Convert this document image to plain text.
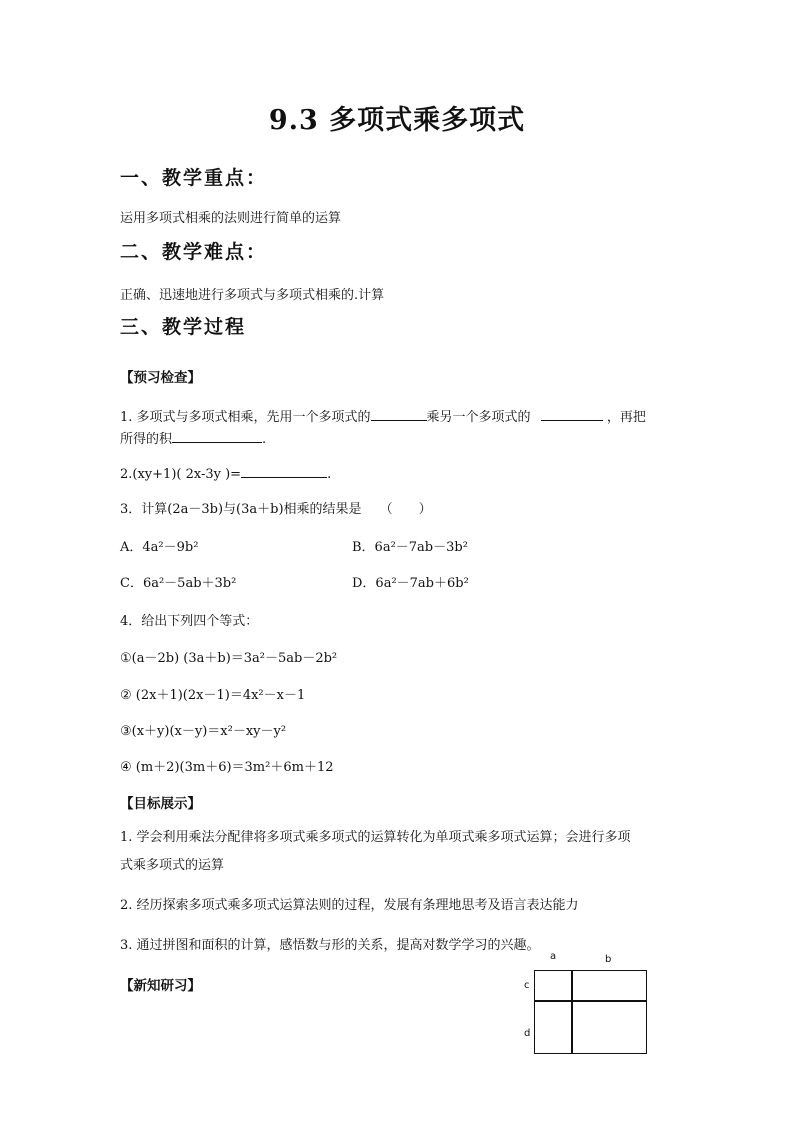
9.3 多项式乘多项式
一、教学重点：
运用多项式相乘的法则进行简单的运算
二、教学难点：
正确、迅速地进行多项式与多项式相乘的.计算
三、教学过程
【预习检查】
1. 多项式与多项式相乘，先用一个多项式的	乘另一个多项式的	，再把
所得的积	.
2.(xy+1)( 2x-3y )=	.
3．计算(2a－3b)与(3a＋b)相乘的结果是 （　　）
A．4a²－9b²	B．6a²－7ab－3b²
C．6a²－5ab＋3b²	D．6a²－7ab＋6b²
4．给出下列四个等式：
①(a－2b) (3a＋b)＝3a²－5ab－2b²
② (2x＋1)(2x－1)＝4x²－x－1
③(x＋y)(x－y)＝x²－xy－y²
④ (m＋2)(3m＋6)＝3m²＋6m＋12
【目标展示】
1. 学会利用乘法分配律将多项式乘多项式的运算转化为单项式乘多项式运算；会进行多项
式乘多项式的运算
2. 经历探索多项式乘多项式运算法则的过程，发展有条理地思考及语言表达能力
3. 通过拼图和面积的计算，感悟数与形的关系，提高对数学学习的兴趣。
【新知研习】
a	b
c
d
